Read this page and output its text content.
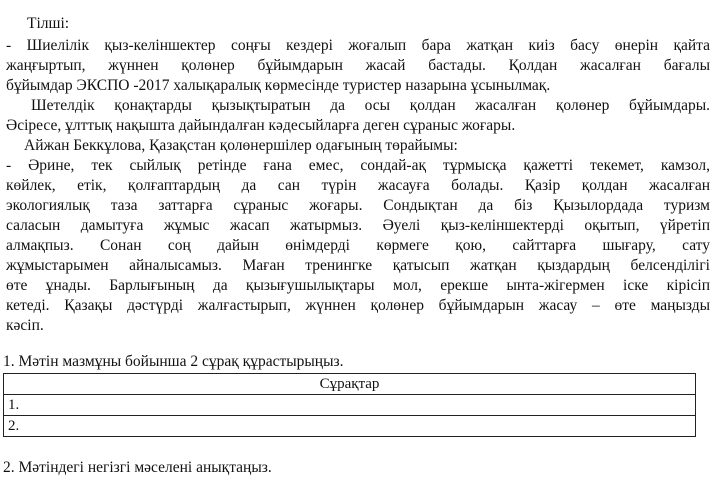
Тілші:
- Шиелілік қыз-келіншектер соңғы кездері жоғалып бара жатқан киіз басу өнерін қайта
жаңғыртып, жүннен қолөнер бұйымдарын жасай бастады. Қолдан жасалған бағалы
бұйымдар ЭКСПО -2017 халықаралық көрмесінде туристер назарына ұсынылмақ.
Шетелдік қонақтарды қызықтыратын да осы қолдан жасалған қолөнер бұйымдары.
Әсіресе, ұлттық нақышта дайындалған кәдесыйларға деген сұраныс жоғары.
Айжан Беккұлова, Қазақстан қолөнершілер одағының төрайымы:
- Әрине, тек сыйлық ретінде ғана емес, сондай-ақ тұрмысқа қажетті текемет, камзол,
көйлек, етік, қолғаптардың да сан түрін жасауға болады. Қазір қолдан жасалған
экологиялық таза заттарға сұраныс жоғары. Сондықтан да біз Қызылордада туризм
саласын дамытуға жұмыс жасап жатырмыз. Әуелі қыз-келіншектерді оқытып, үйретіп
алмақпыз. Сонан соң дайын өнімдерді көрмеге қою, сайттарға шығару, сату
жұмыстарымен айналысамыз. Маған тренингке қатысып жатқан қыздардың белсенділігі
өте ұнады. Барлығының да қызығушылықтары мол, ерекше ынта-жігермен іске кірісіп
кетеді. Қазақы дәстүрді жалғастырып, жүннен қолөнер бұйымдарын жасау – өте маңызды
кәсіп.
1. Мәтін мазмұны бойынша 2 сұрақ құрастырыңыз.
Сұрақтар
1.
2.
2. Мәтіндегі негізгі мәселені анықтаңыз.
